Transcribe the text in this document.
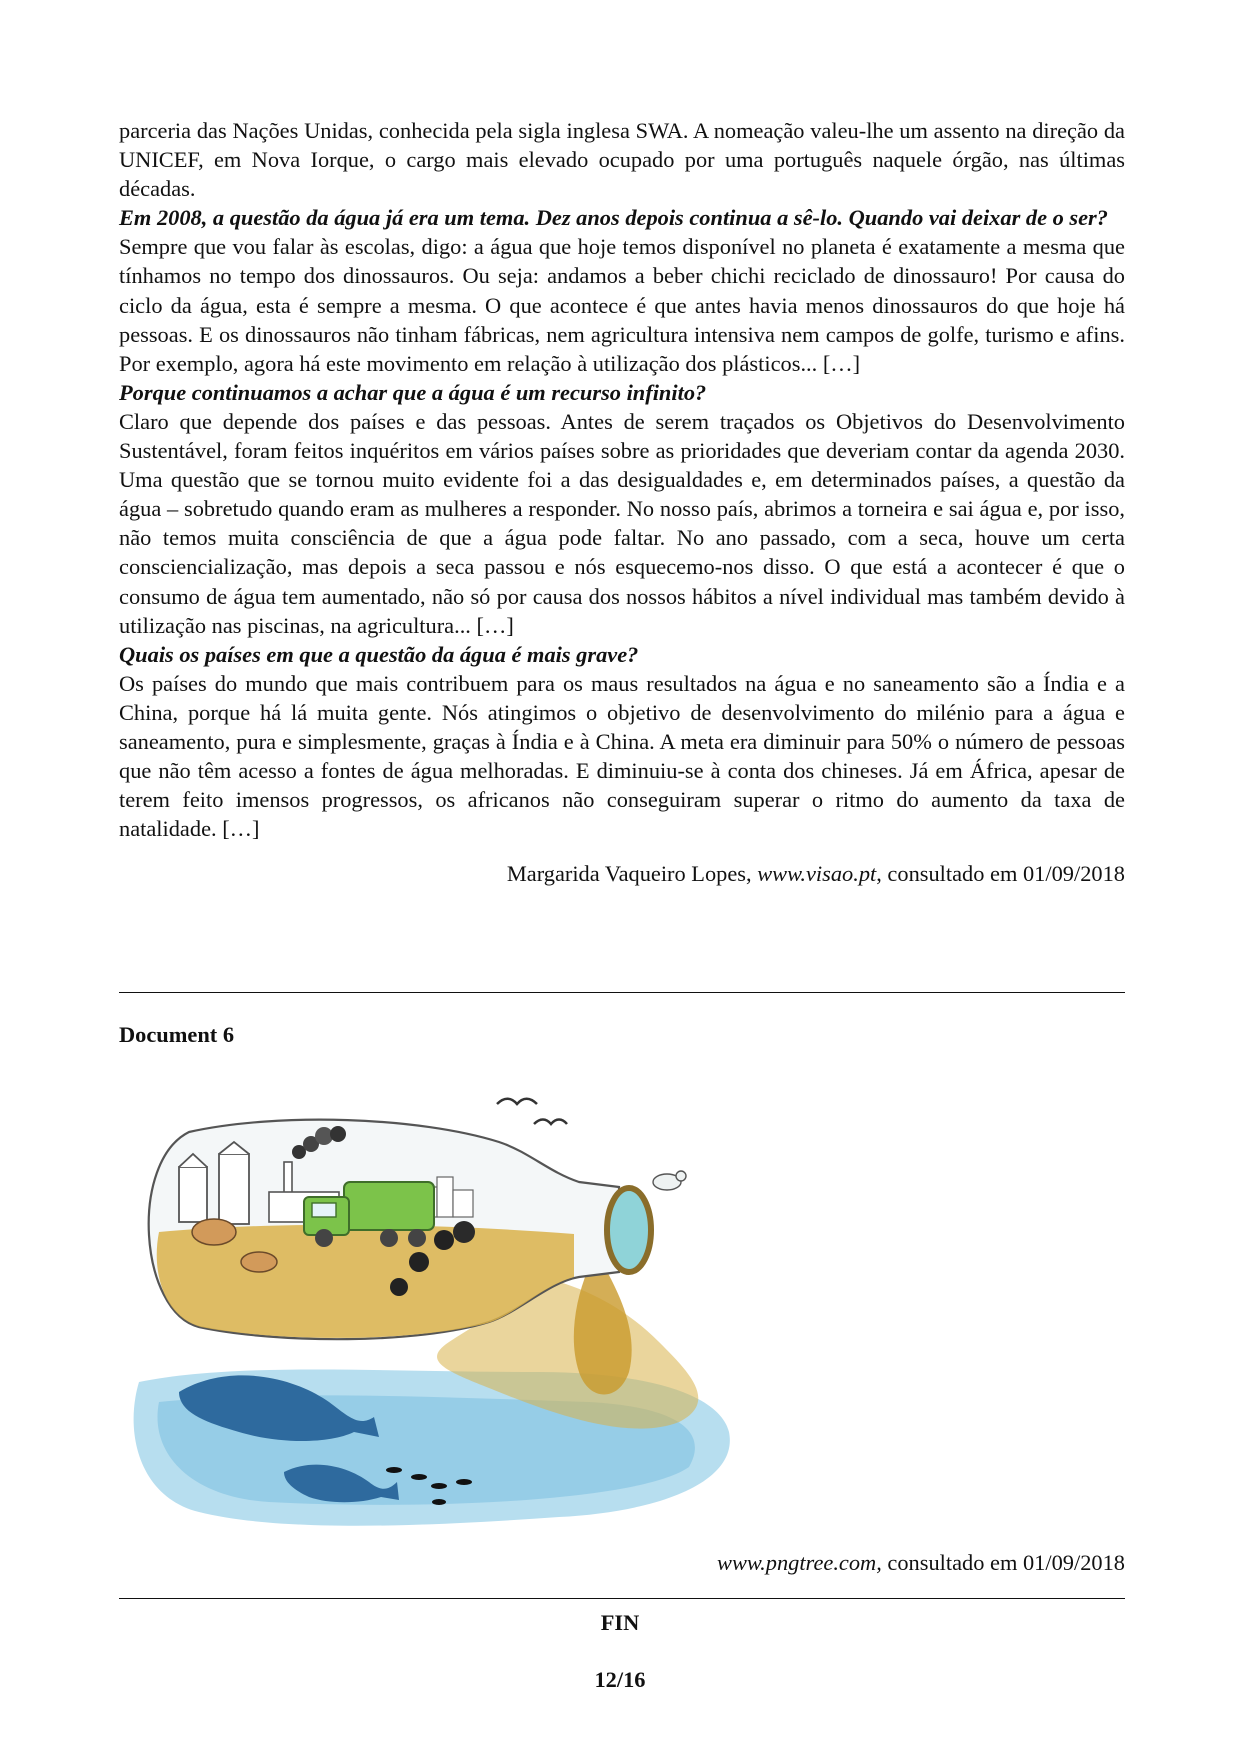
parceria das Nações Unidas, conhecida pela sigla inglesa SWA. A nomeação valeu-lhe um assento na direção da UNICEF, em Nova Iorque, o cargo mais elevado ocupado por uma português naquele órgão, nas últimas décadas.

Em 2008, a questão da água já era um tema. Dez anos depois continua a sê-lo. Quando vai deixar de o ser?

Sempre que vou falar às escolas, digo: a água que hoje temos disponível no planeta é exatamente a mesma que tínhamos no tempo dos dinossauros. Ou seja: andamos a beber chichi reciclado de dinossauro! Por causa do ciclo da água, esta é sempre a mesma. O que acontece é que antes havia menos dinossauros do que hoje há pessoas. E os dinossauros não tinham fábricas, nem agricultura intensiva nem campos de golfe, turismo e afins. Por exemplo, agora há este movimento em relação à utilização dos plásticos... […]

Porque continuamos a achar que a água é um recurso infinito?

Claro que depende dos países e das pessoas. Antes de serem traçados os Objetivos do Desenvolvimento Sustentável, foram feitos inquéritos em vários países sobre as prioridades que deveriam contar da agenda 2030. Uma questão que se tornou muito evidente foi a das desigualdades e, em determinados países, a questão da água – sobretudo quando eram as mulheres a responder. No nosso país, abrimos a torneira e sai água e, por isso, não temos muita consciência de que a água pode faltar. No ano passado, com a seca, houve um certa consciencialização, mas depois a seca passou e nós esquecemo-nos disso. O que está a acontecer é que o consumo de água tem aumentado, não só por causa dos nossos hábitos a nível individual mas também devido à utilização nas piscinas, na agricultura... […]

Quais os países em que a questão da água é mais grave?

Os países do mundo que mais contribuem para os maus resultados na água e no saneamento são a Índia e a China, porque há lá muita gente. Nós atingimos o objetivo de desenvolvimento do milénio para a água e saneamento, pura e simplesmente, graças à Índia e à China. A meta era diminuir para 50% o número de pessoas que não têm acesso a fontes de água melhoradas. E diminuiu-se à conta dos chineses. Já em África, apesar de terem feito imensos progressos, os africanos não conseguiram superar o ritmo do aumento da taxa de natalidade. […]

Margarida Vaqueiro Lopes, www.visao.pt, consultado em 01/09/2018
Document 6
www.pngtree.com, consultado em 01/09/2018
FIN
12/16
